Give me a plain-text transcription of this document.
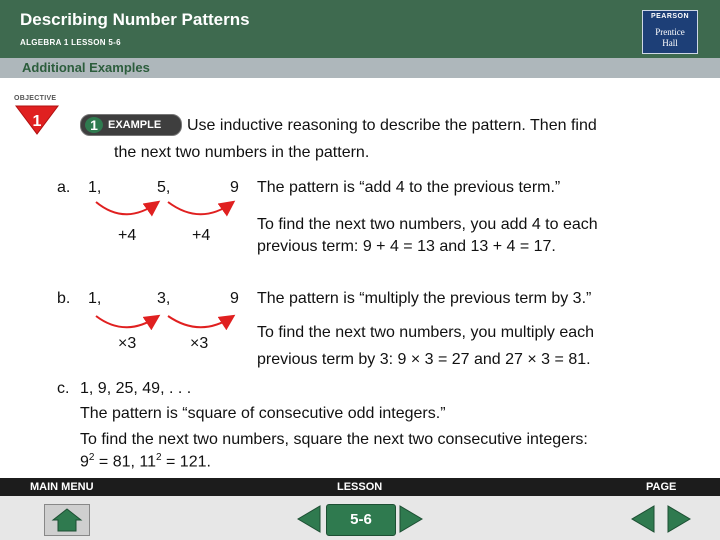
Describing Number Patterns
ALGEBRA 1 LESSON 5-6
PEARSON
Prentice
Hall
Additional Examples
OBJECTIVE
1	1 EXAMPLE Use inductive reasoning to describe the pattern. Then find
the next two numbers in the pattern.
a. 1,	5,	9
+4	+4
The pattern is “add 4 to the previous term.”
To find the next two numbers, you add 4 to each
previous term: 9 + 4 = 13 and 13 + 4 = 17.
b. 1,	3,	9
×3	×3
The pattern is “multiply the previous term by 3.”
To find the next two numbers, you multiply each
previous term by 3: 9 × 3 = 27 and 27 × 3 = 81.
c. 1, 9, 25, 49, . . .
The pattern is “square of consecutive odd integers.”
To find the next two numbers, square the next two consecutive integers:
$9^2 = 81$, $11^2 = 121$.
MAIN MENU	LESSON	PAGE
5-6
